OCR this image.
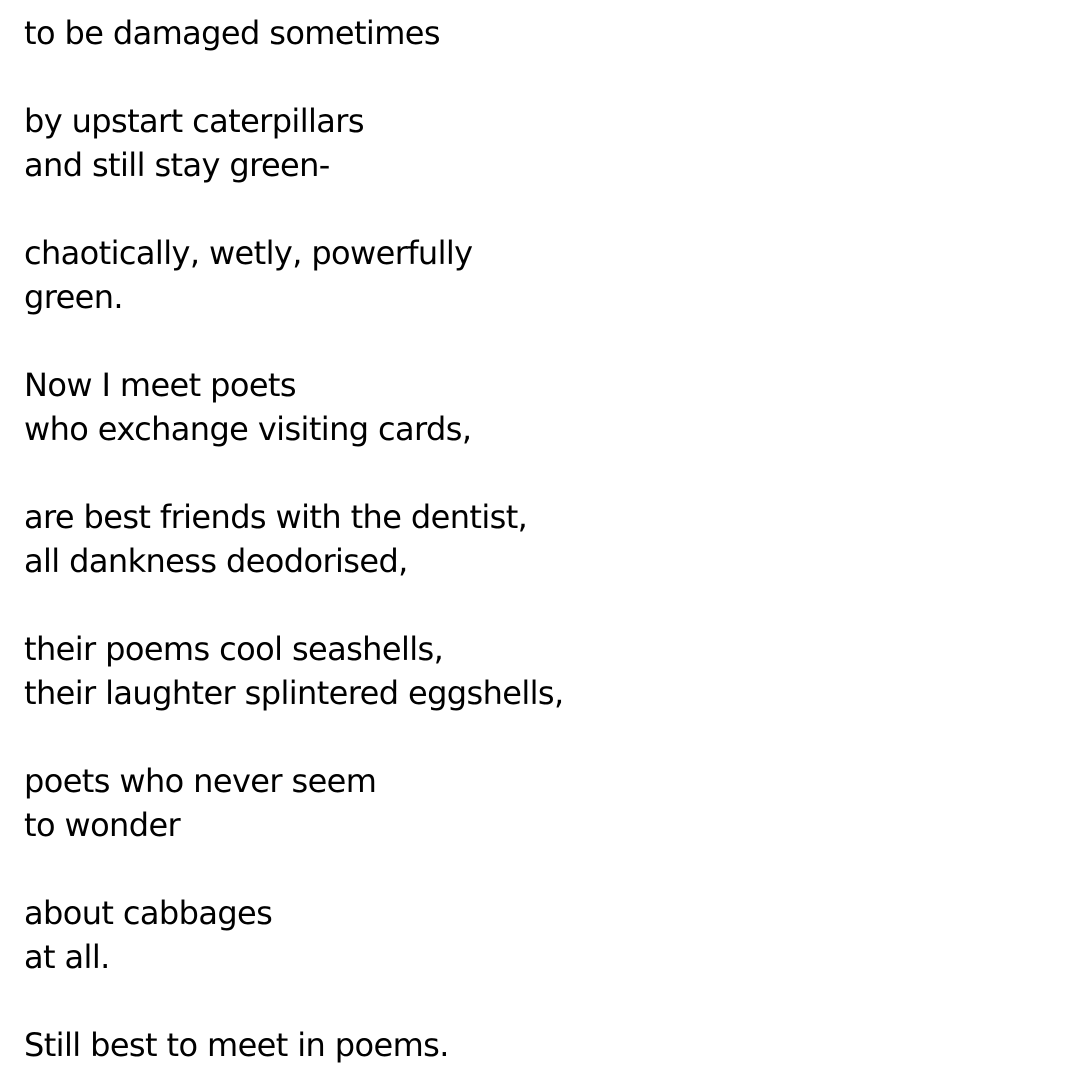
to be damaged sometimes
by upstart caterpillars
and still stay green-
chaotically, wetly, powerfully
green.
Now I meet poets
who exchange visiting cards,
are best friends with the dentist,
all dankness deodorised,
their poems cool seashells,
their laughter splintered eggshells,
poets who never seem
to wonder
about cabbages
at all.
Still best to meet in poems.
